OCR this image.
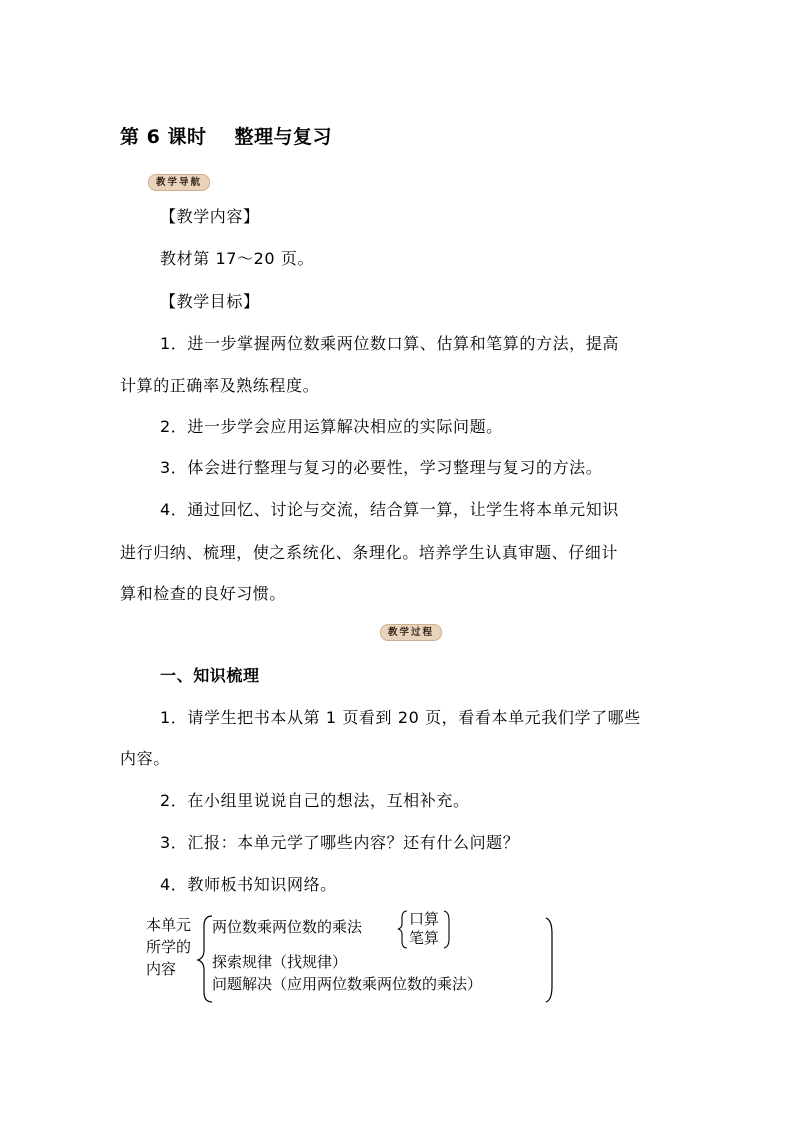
第 6 课时 整理与复习
教学导航
【教学内容】
教材第 17～20 页。
【教学目标】
1．进一步掌握两位数乘两位数口算、估算和笔算的方法，提高
计算的正确率及熟练程度。
2．进一步学会应用运算解决相应的实际问题。
3．体会进行整理与复习的必要性，学习整理与复习的方法。
4．通过回忆、讨论与交流，结合算一算，让学生将本单元知识
进行归纳、梳理，使之系统化、条理化。培养学生认真审题、仔细计
算和检查的良好习惯。
教学过程
一、知识梳理
1．请学生把书本从第 1 页看到 20 页，看看本单元我们学了哪些
内容。
2．在小组里说说自己的想法，互相补充。
3．汇报：本单元学了哪些内容？还有什么问题？
4．教师板书知识网络。
本单元
所学的
内容
两位数乘两位数的乘法	口算
笔算
探索规律（找规律）
问题解决（应用两位数乘两位数的乘法）
